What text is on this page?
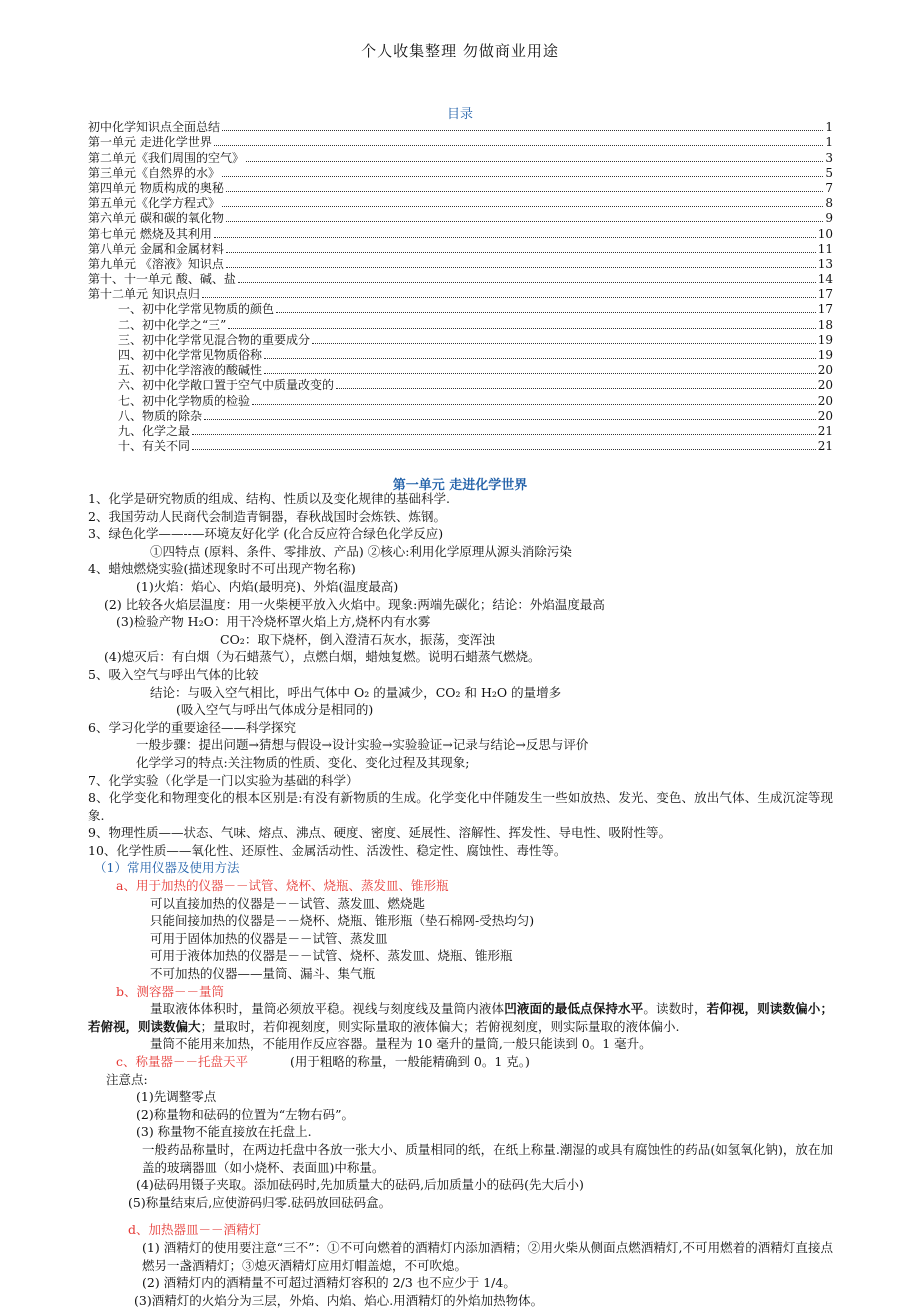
个人收集整理 勿做商业用途
目录
初中化学知识点全面总结	1
第一单元 走进化学世界	1
第二单元《我们周围的空气》	3
第三单元《自然界的水》	5
第四单元 物质构成的奥秘	7
第五单元《化学方程式》	8
第六单元 碳和碳的氧化物	9
第七单元 燃烧及其利用	10
第八单元 金属和金属材料	11
第九单元 《溶液》知识点	13
第十、十一单元 酸、碱、盐	14
第十二单元 知识点归	17
一、初中化学常见物质的颜色	17
二、初中化学之“三”	18
三、初中化学常见混合物的重要成分	19
四、初中化学常见物质俗称	19
五、初中化学溶液的酸碱性	20
六、初中化学敞口置于空气中质量改变的	20
七、初中化学物质的检验	20
八、物质的除杂	20
九、化学之最	21
十、有关不同	21
第一单元 走进化学世界
1、化学是研究物质的组成、结构、性质以及变化规律的基础科学.
2、我国劳动人民商代会制造青铜器，春秋战国时会炼铁、炼钢。
3、绿色化学——--—环境友好化学 (化合反应符合绿色化学反应)
①四特点 (原料、条件、零排放、产品) ②核心:利用化学原理从源头消除污染
4、蜡烛燃烧实验(描述现象时不可出现产物名称)
(1)火焰：焰心、内焰(最明亮)、外焰(温度最高)
(2) 比较各火焰层温度：用一火柴梗平放入火焰中。现象:两端先碳化；结论：外焰温度最高
(3)检验产物 H₂O：用干冷烧杯罩火焰上方,烧杯内有水雾
CO₂：取下烧杯，倒入澄清石灰水，振荡，变浑浊
(4)熄灭后：有白烟（为石蜡蒸气），点燃白烟，蜡烛复燃。说明石蜡蒸气燃烧。
5、吸入空气与呼出气体的比较
结论：与吸入空气相比，呼出气体中 O₂ 的量减少，CO₂ 和 H₂O 的量增多
(吸入空气与呼出气体成分是相同的)
6、学习化学的重要途径——科学探究
一般步骤：提出问题→猜想与假设→设计实验→实验验证→记录与结论→反思与评价
化学学习的特点:关注物质的性质、变化、变化过程及其现象;
7、化学实验（化学是一门以实验为基础的科学）
8、化学变化和物理变化的根本区别是:有没有新物质的生成。化学变化中伴随发生一些如放热、发光、变色、放出气体、生成沉淀等现象.
9、物理性质——状态、气味、熔点、沸点、硬度、密度、延展性、溶解性、挥发性、导电性、吸附性等。
10、化学性质——氧化性、还原性、金属活动性、活泼性、稳定性、腐蚀性、毒性等。
（1）常用仪器及使用方法
a、用于加热的仪器－－试管、烧杯、烧瓶、蒸发皿、锥形瓶
可以直接加热的仪器是－－试管、蒸发皿、燃烧匙
只能间接加热的仪器是－－烧杯、烧瓶、锥形瓶（垫石棉网-受热均匀)
可用于固体加热的仪器是－－试管、蒸发皿
可用于液体加热的仪器是－－试管、烧杯、蒸发皿、烧瓶、锥形瓶
不可加热的仪器——量筒、漏斗、集气瓶
b、测容器－－量筒
量取液体体积时，量筒必须放平稳。视线与刻度线及量筒内液体凹液面的最低点保持水平。读数时，若仰视，则读数偏小；若俯视，则读数偏大；量取时，若仰视刻度，则实际量取的液体偏大；若俯视刻度，则实际量取的液体偏小.
量筒不能用来加热，不能用作反应容器。量程为 10 毫升的量筒,一般只能读到 0。1 毫升。
c、称量器－－托盘天平	(用于粗略的称量，一般能精确到 0。1 克。)
注意点:
(1)先调整零点
(2)称量物和砝码的位置为“左物右码”。
(3) 称量物不能直接放在托盘上.
一般药品称量时，在两边托盘中各放一张大小、质量相同的纸，在纸上称量.潮湿的或具有腐蚀性的药品(如氢氧化钠)，放在加盖的玻璃器皿（如小烧杯、表面皿)中称量。
(4)砝码用镊子夹取。添加砝码时,先加质量大的砝码,后加质量小的砝码(先大后小)
(5)称量结束后,应使游码归零.砝码放回砝码盒。
d、加热器皿－－酒精灯
(1) 酒精灯的使用要注意“三不”：①不可向燃着的酒精灯内添加酒精；②用火柴从侧面点燃酒精灯,不可用燃着的酒精灯直接点燃另一盏酒精灯；③熄灭酒精灯应用灯帽盖熄，不可吹熄。
(2) 酒精灯内的酒精量不可超过酒精灯容积的 2/3 也不应少于 1/4。
(3)酒精灯的火焰分为三层，外焰、内焰、焰心.用酒精灯的外焰加热物体。
